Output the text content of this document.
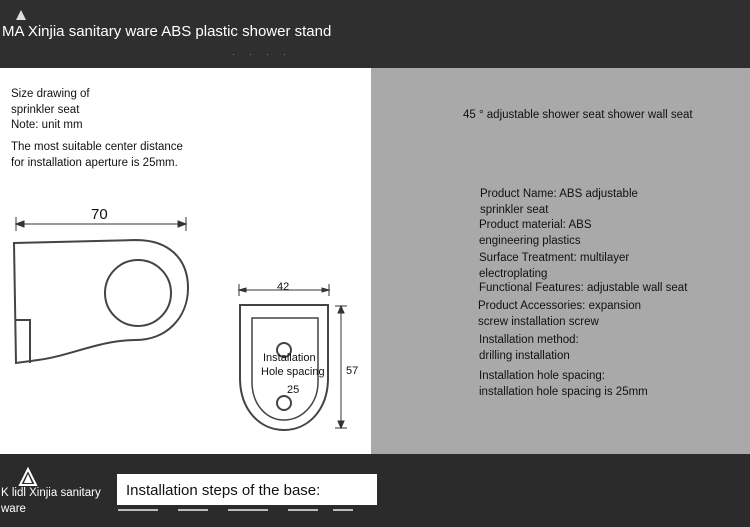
MA Xinjia sanitary ware ABS plastic shower stand
····
Size drawing of
sprinkler seat
Note: unit mm
The most suitable center distance
for installation aperture is 25mm.
70
42
57
Installation
Hole spacing
25
45 ° adjustable shower seat shower wall seat
Product Name: ABS adjustable
sprinkler seat
Product material: ABS
engineering plastics
Surface Treatment: multilayer
electroplating
Functional Features: adjustable wall seat
Product Accessories: expansion
screw installation screw
Installation method:
drilling installation
Installation hole spacing:
installation hole spacing is 25mm
K lidl Xinjia sanitary
ware
Installation steps of the base:
